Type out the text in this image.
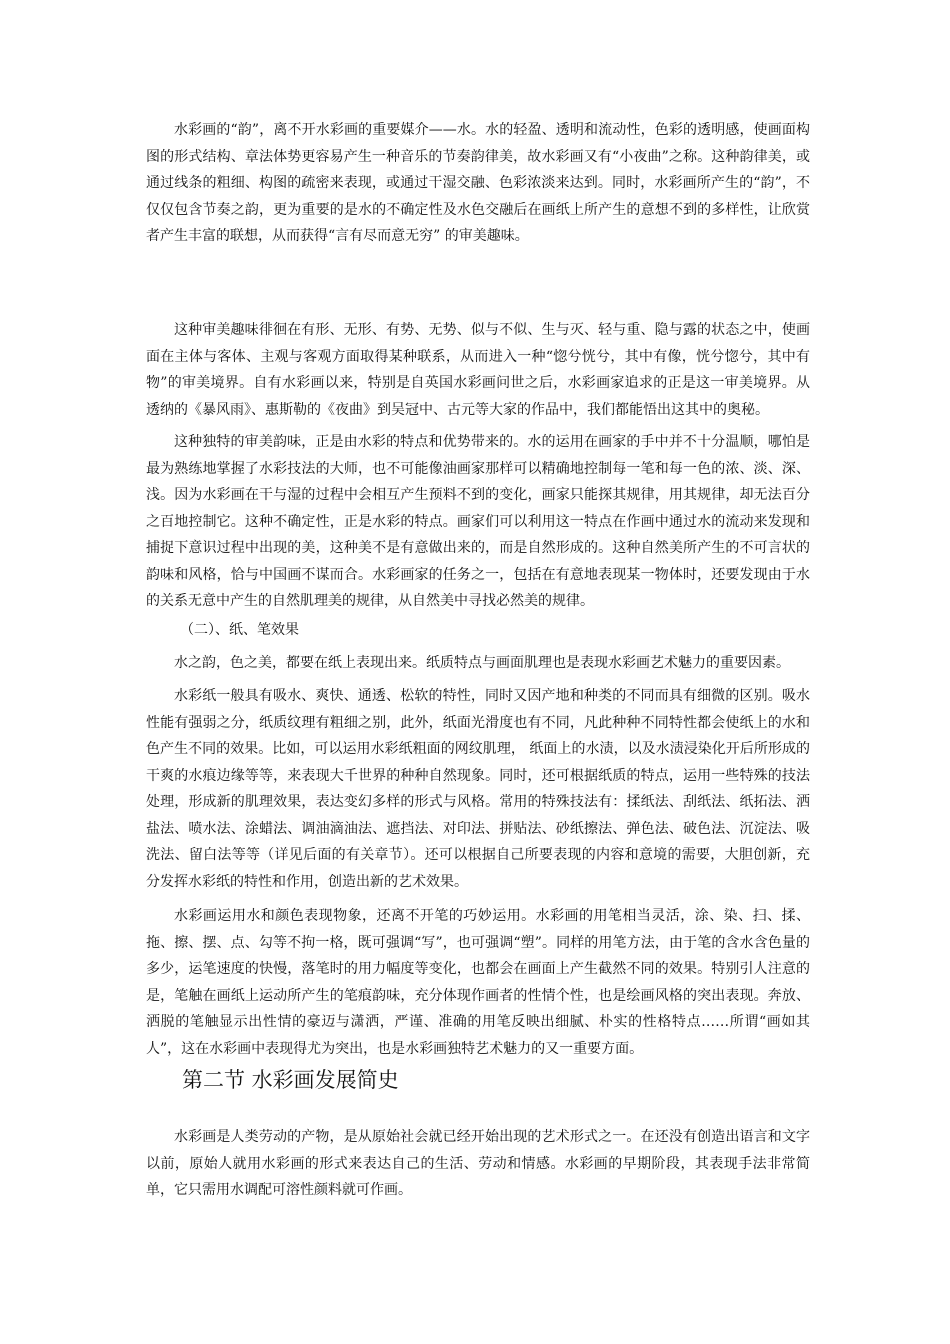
水彩画的“韵”，离不开水彩画的重要媒介——水。水的轻盈、透明和流动性，色彩的透明感，使画面构图的形式结构、章法体势更容易产生一种音乐的节奏韵律美，故水彩画又有“小夜曲”之称。这种韵律美，或通过线条的粗细、构图的疏密来表现，或通过干湿交融、色彩浓淡来达到。同时，水彩画所产生的“韵”，不仅仅包含节奏之韵，更为重要的是水的不确定性及水色交融后在画纸上所产生的意想不到的多样性，让欣赏者产生丰富的联想，从而获得“言有尽而意无穷” 的审美趣味。

这种审美趣味徘徊在有形、无形、有势、无势、似与不似、生与灭、轻与重、隐与露的状态之中，使画面在主体与客体、主观与客观方面取得某种联系，从而进入一种“惚兮恍兮，其中有像，恍兮惚兮，其中有物”的审美境界。自有水彩画以来，特别是自英国水彩画问世之后，水彩画家追求的正是这一审美境界。从透纳的《暴风雨》、惠斯勒的《夜曲》到吴冠中、古元等大家的作品中，我们都能悟出这其中的奥秘。

这种独特的审美韵味，正是由水彩的特点和优势带来的。水的运用在画家的手中并不十分温顺，哪怕是最为熟练地掌握了水彩技法的大师，也不可能像油画家那样可以精确地控制每一笔和每一色的浓、淡、深、浅。因为水彩画在干与湿的过程中会相互产生预料不到的变化，画家只能探其规律，用其规律，却无法百分之百地控制它。这种不确定性，正是水彩的特点。画家们可以利用这一特点在作画中通过水的流动来发现和捕捉下意识过程中出现的美，这种美不是有意做出来的，而是自然形成的。这种自然美所产生的不可言状的韵味和风格，恰与中国画不谋而合。水彩画家的任务之一，包括在有意地表现某一物体时，还要发现由于水的关系无意中产生的自然肌理美的规律，从自然美中寻找必然美的规律。

（二）、纸、笔效果

水之韵，色之美，都要在纸上表现出来。纸质特点与画面肌理也是表现水彩画艺术魅力的重要因素。

水彩纸一般具有吸水、爽快、通透、松软的特性，同时又因产地和种类的不同而具有细微的区别。吸水性能有强弱之分，纸质纹理有粗细之别，此外，纸面光滑度也有不同，凡此种种不同特性都会使纸上的水和色产生不同的效果。比如，可以运用水彩纸粗面的网纹肌理， 纸面上的水渍，以及水渍浸染化开后所形成的干爽的水痕边缘等等，来表现大千世界的种种自然现象。同时，还可根据纸质的特点，运用一些特殊的技法处理，形成新的肌理效果，表达变幻多样的形式与风格。常用的特殊技法有：揉纸法、刮纸法、纸拓法、洒盐法、喷水法、涂蜡法、调油滴油法、遮挡法、对印法、拼贴法、砂纸擦法、弹色法、破色法、沉淀法、吸洗法、留白法等等（详见后面的有关章节）。还可以根据自己所要表现的内容和意境的需要，大胆创新，充分发挥水彩纸的特性和作用，创造出新的艺术效果。

水彩画运用水和颜色表现物象，还离不开笔的巧妙运用。水彩画的用笔相当灵活，涂、染、扫、揉、拖、擦、摆、点、勾等不拘一格，既可强调“写”，也可强调“塑”。同样的用笔方法，由于笔的含水含色量的多少，运笔速度的快慢，落笔时的用力幅度等变化，也都会在画面上产生截然不同的效果。特别引人注意的是，笔触在画纸上运动所产生的笔痕韵味，充分体现作画者的性情个性，也是绘画风格的突出表现。奔放、洒脱的笔触显示出性情的豪迈与潇洒，严谨、准确的用笔反映出细腻、朴实的性格特点……所谓“画如其人”，这在水彩画中表现得尤为突出，也是水彩画独特艺术魅力的又一重要方面。

第二节 水彩画发展简史

水彩画是人类劳动的产物，是从原始社会就已经开始出现的艺术形式之一。在还没有创造出语言和文字以前，原始人就用水彩画的形式来表达自己的生活、劳动和情感。水彩画的早期阶段，其表现手法非常简单，它只需用水调配可溶性颜料就可作画。
